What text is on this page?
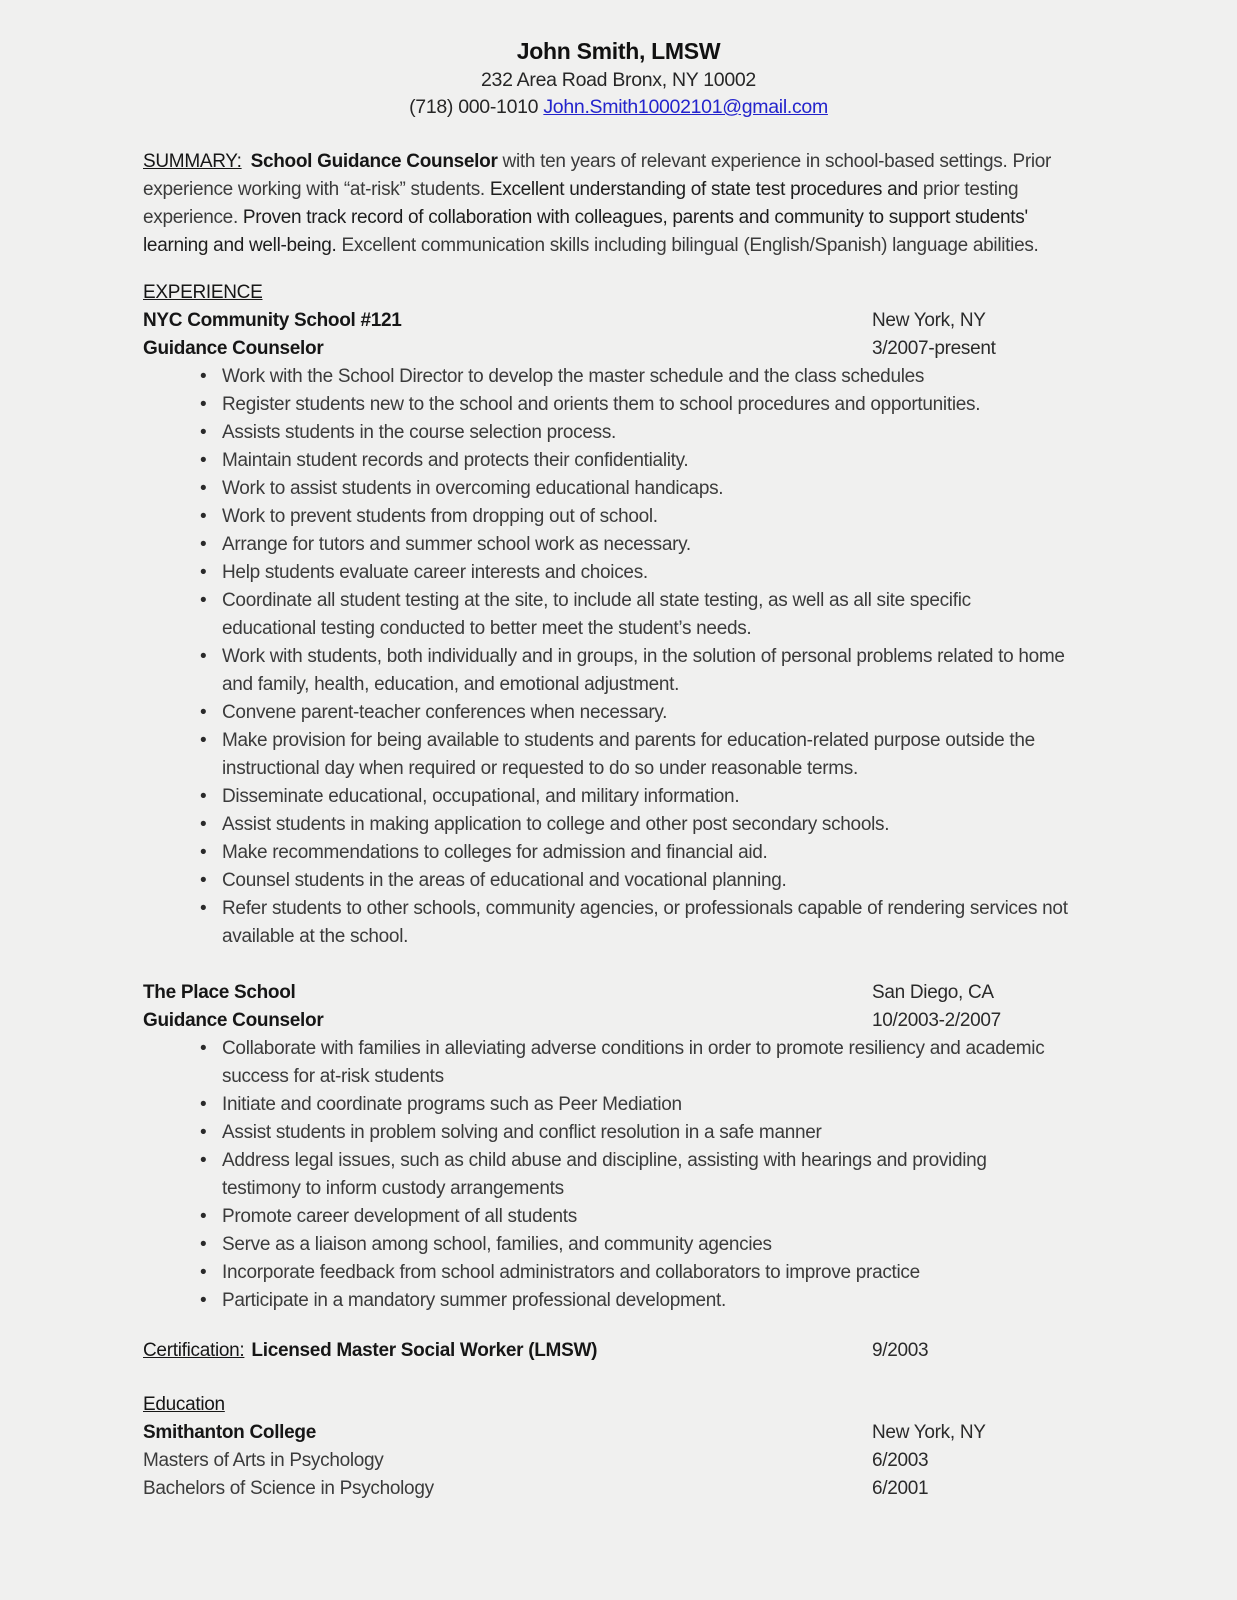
John Smith, LMSW
232 Area Road Bronx, NY 10002
(718) 000-1010 John.Smith10002101@gmail.com

SUMMARY: School Guidance Counselor with ten years of relevant experience in school-based settings. Prior experience working with “at-risk” students. Excellent understanding of state test procedures and prior testing experience. Proven track record of collaboration with colleagues, parents and community to support students' learning and well-being. Excellent communication skills including bilingual (English/Spanish) language abilities.

EXPERIENCE
NYC Community School #121	New York, NY
Guidance Counselor	3/2007-present
• Work with the School Director to develop the master schedule and the class schedules
• Register students new to the school and orients them to school procedures and opportunities.
• Assists students in the course selection process.
• Maintain student records and protects their confidentiality.
• Work to assist students in overcoming educational handicaps.
• Work to prevent students from dropping out of school.
• Arrange for tutors and summer school work as necessary.
• Help students evaluate career interests and choices.
• Coordinate all student testing at the site, to include all state testing, as well as all site specific educational testing conducted to better meet the student’s needs.
• Work with students, both individually and in groups, in the solution of personal problems related to home and family, health, education, and emotional adjustment.
• Convene parent-teacher conferences when necessary.
• Make provision for being available to students and parents for education-related purpose outside the instructional day when required or requested to do so under reasonable terms.
• Disseminate educational, occupational, and military information.
• Assist students in making application to college and other post secondary schools.
• Make recommendations to colleges for admission and financial aid.
• Counsel students in the areas of educational and vocational planning.
• Refer students to other schools, community agencies, or professionals capable of rendering services not available at the school.
The Place School	San Diego, CA
Guidance Counselor	10/2003-2/2007
• Collaborate with families in alleviating adverse conditions in order to promote resiliency and academic success for at-risk students
• Initiate and coordinate programs such as Peer Mediation
• Assist students in problem solving and conflict resolution in a safe manner
• Address legal issues, such as child abuse and discipline, assisting with hearings and providing testimony to inform custody arrangements
• Promote career development of all students
• Serve as a liaison among school, families, and community agencies
• Incorporate feedback from school administrators and collaborators to improve practice
• Participate in a mandatory summer professional development.
Certification: Licensed Master Social Worker (LMSW)	9/2003
Education
Smithanton College	New York, NY
Masters of Arts in Psychology	6/2003
Bachelors of Science in Psychology	6/2001
